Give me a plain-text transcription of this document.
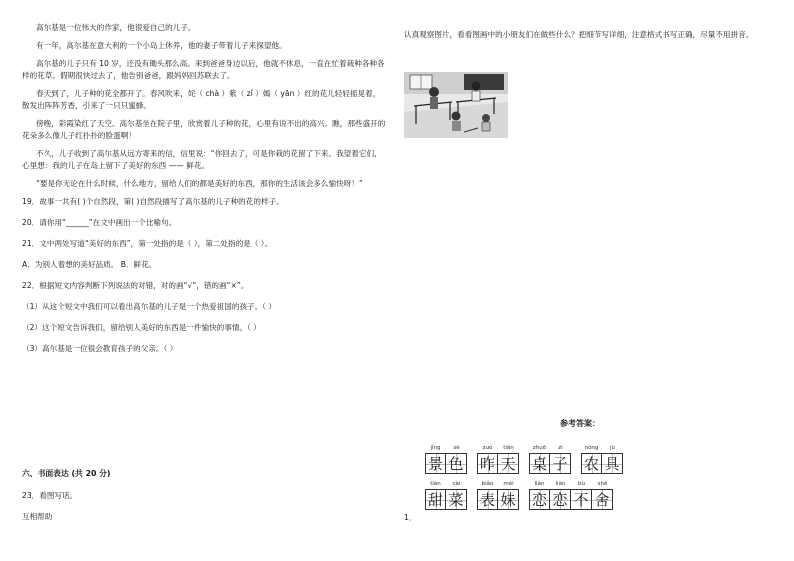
高尔基是一位伟大的作家，他很爱自己的儿子。

有一年，高尔基在意大利的一个小岛上休养，他的妻子带着儿子来探望他。

高尔基的儿子只有 10 岁，还没有锄头那么高。来到爸爸身边以后，他就不休息，一直在忙着栽种各种各样的花草。假期很快过去了，他告别爸爸，跟妈妈回苏联去了。

春天到了，儿子种的花全都开了。春风吹来，姹（ chà ）紫（ zǐ ）嫣（ yān ）红的花儿轻轻摇晃着，散发出阵阵芳香，引来了一只只蜜蜂。

傍晚，彩霞染红了天空。高尔基坐在院子里，欣赏着儿子种的花，心里有说不出的高兴。瞧，那些盛开的花朵多么像儿子红扑扑的脸蛋啊！

不久，儿子收到了高尔基从远方寄来的信，信里说：“你回去了，可是你栽的花留了下来。我望着它们，心里想：我的儿子在岛上留下了美好的东西 —— 鲜花。

“要是你无论在什么时候，什么地方，留给人们的都是美好的东西，那你的生活该会多么愉快呀！”

19．故事一共有( )个自然段，第( )自然段描写了高尔基的儿子种的花的样子。

20．请你用“______”在文中画出一个比喻句。

21．文中两处写道“美好的东西”，第一处指的是（ ），第二处指的是（ ）。

A．为别人着想的美好品质。 B．鲜花。

22．根据短文内容判断下列说法的对错，对的画“√”，错的画“×”。

（1）从这个短文中我们可以看出高尔基的儿子是一个热爱祖国的孩子。（ ）

（2）这个短文告诉我们，留给别人美好的东西是一件愉快的事情。（ ）

（3）高尔基是一位很会教育孩子的父亲。（ ）

六、书面表达 (共 20 分)
23．看图写话。
互相帮助
认真观察图片，看看图画中的小朋友们在做些什么？把细节写详细，注意格式书写正确，尽量不用拼音。
参考答案：
jǐng
景
sè
色
zuó
昨
tiān
天
zhuō
桌
zi
子
nóng
农
jù
具
tián
甜
cài
菜
biǎo
表
mèi
妹
liàn
恋
liàn
恋
bù
不
shě
舍
1．
